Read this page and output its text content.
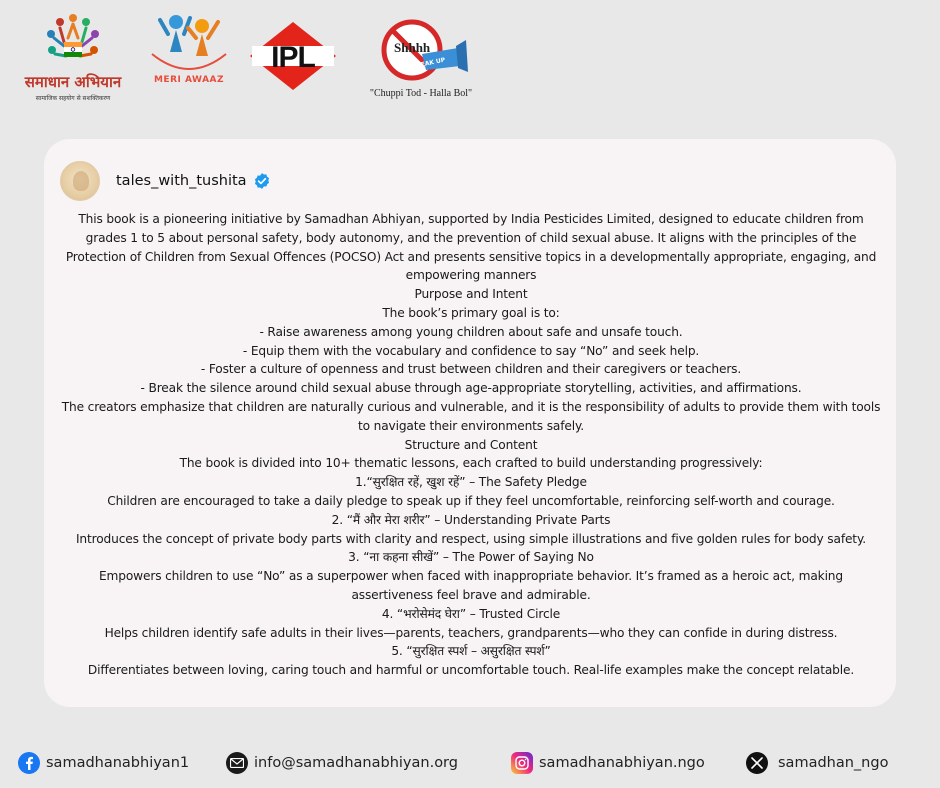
समाधान अभियान
सामाजिक सहयोग से सशक्तिकरण
MERI AWAAZ
IPL	Shhhh
SPEAK UP
"Chuppi Tod - Halla Bol"
tales_with_tushita

This book is a pioneering initiative by Samadhan Abhiyan, supported by India Pesticides Limited, designed to educate children from grades 1 to 5 about personal safety, body autonomy, and the prevention of child sexual abuse. It aligns with the principles of the Protection of Children from Sexual Offences (POCSO) Act and presents sensitive topics in a developmentally appropriate, engaging, and empowering manners

Purpose and Intent

The book’s primary goal is to:

- Raise awareness among young children about safe and unsafe touch.

- Equip them with the vocabulary and confidence to say “No” and seek help.

- Foster a culture of openness and trust between children and their caregivers or teachers.

- Break the silence around child sexual abuse through age-appropriate storytelling, activities, and affirmations.

The creators emphasize that children are naturally curious and vulnerable, and it is the responsibility of adults to provide them with tools to navigate their environments safely.

Structure and Content

The book is divided into 10+ thematic lessons, each crafted to build understanding progressively:

1.“सुरक्षित रहें, खुश रहें” – The Safety Pledge

Children are encouraged to take a daily pledge to speak up if they feel uncomfortable, reinforcing self-worth and courage.

2. “मैं और मेरा शरीर” – Understanding Private Parts

Introduces the concept of private body parts with clarity and respect, using simple illustrations and five golden rules for body safety.

3. “ना कहना सीखें” – The Power of Saying No

Empowers children to use “No” as a superpower when faced with inappropriate behavior. It’s framed as a heroic act, making assertiveness feel brave and admirable.

4. “भरोसेमंद घेरा” – Trusted Circle

Helps children identify safe adults in their lives—parents, teachers, grandparents—who they can confide in during distress.

5. “सुरक्षित स्पर्श – असुरक्षित स्पर्श”

Differentiates between loving, caring touch and harmful or uncomfortable touch. Real-life examples make the concept relatable.

samadhanabhiyan1	info@samadhanabhiyan.org	samadhanabhiyan.ngo	samadhan_ngo
